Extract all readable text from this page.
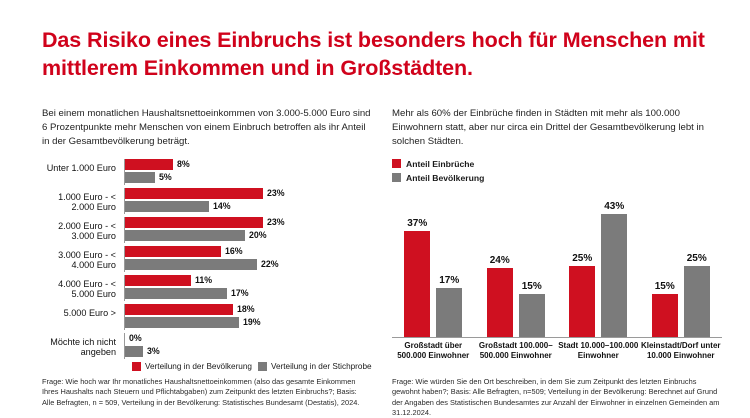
Das Risiko eines Einbruchs ist besonders hoch für Menschen mit mittlerem Einkommen und in Großstädten.

Bei einem monatlichen Haushaltsnettoeinkommen von 3.000-5.000 Euro sind 6 Prozentpunkte mehr Menschen von einem Einbruch betroffen als ihr Anteil in der Gesamtbevölkerung beträgt.

Unter 1.000 Euro	8%
5%
1.000 Euro - < 2.000 Euro
23%
14%
2.000 Euro - < 3.000 Euro
23%
20%
3.000 Euro - < 4.000 Euro
16%
22%
4.000 Euro - < 5.000 Euro
11%
17%
5.000 Euro >	18%
19%
Möchte ich nicht angeben
0%
3%
Verteilung in der Bevölkerung Verteilung in der Stichprobe

Mehr als 60% der Einbrüche finden in Städten mit mehr als 100.000 Einwohnern statt, aber nur circa ein Drittel der Gesamtbevölkerung lebt in solchen Städten.

Anteil Einbrüche
Anteil Bevölkerung
37%
17%
24%
15%
25%
43%
15%
25%
Großstadt über 500.000 Einwohner
Großstadt 100.000–500.000 Einwohner
Stadt 10.000–100.000 Einwohner
Kleinstadt/Dorf unter 10.000 Einwohner
Frage: Wie hoch war Ihr monatliches Haushaltsnettoeinkommen (also das gesamte Einkommen Ihres Haushalts nach Steuern und Pflichtabgaben) zum Zeitpunkt des letzten Einbruchs?; Basis: Alle Befragten, n = 509, Verteilung in der Bevölkerung: Statistisches Bundesamt (Destatis), 2024.
Frage: Wie würden Sie den Ort beschreiben, in dem Sie zum Zeitpunkt des letzten Einbruchs gewohnt haben?; Basis: Alle Befragten, n=509; Verteilung in der Bevölkerung: Berechnet auf Grund der Angaben des Statistischen Bundesamtes zur Anzahl der Einwohner in einzelnen Gemeinden am 31.12.2024.
